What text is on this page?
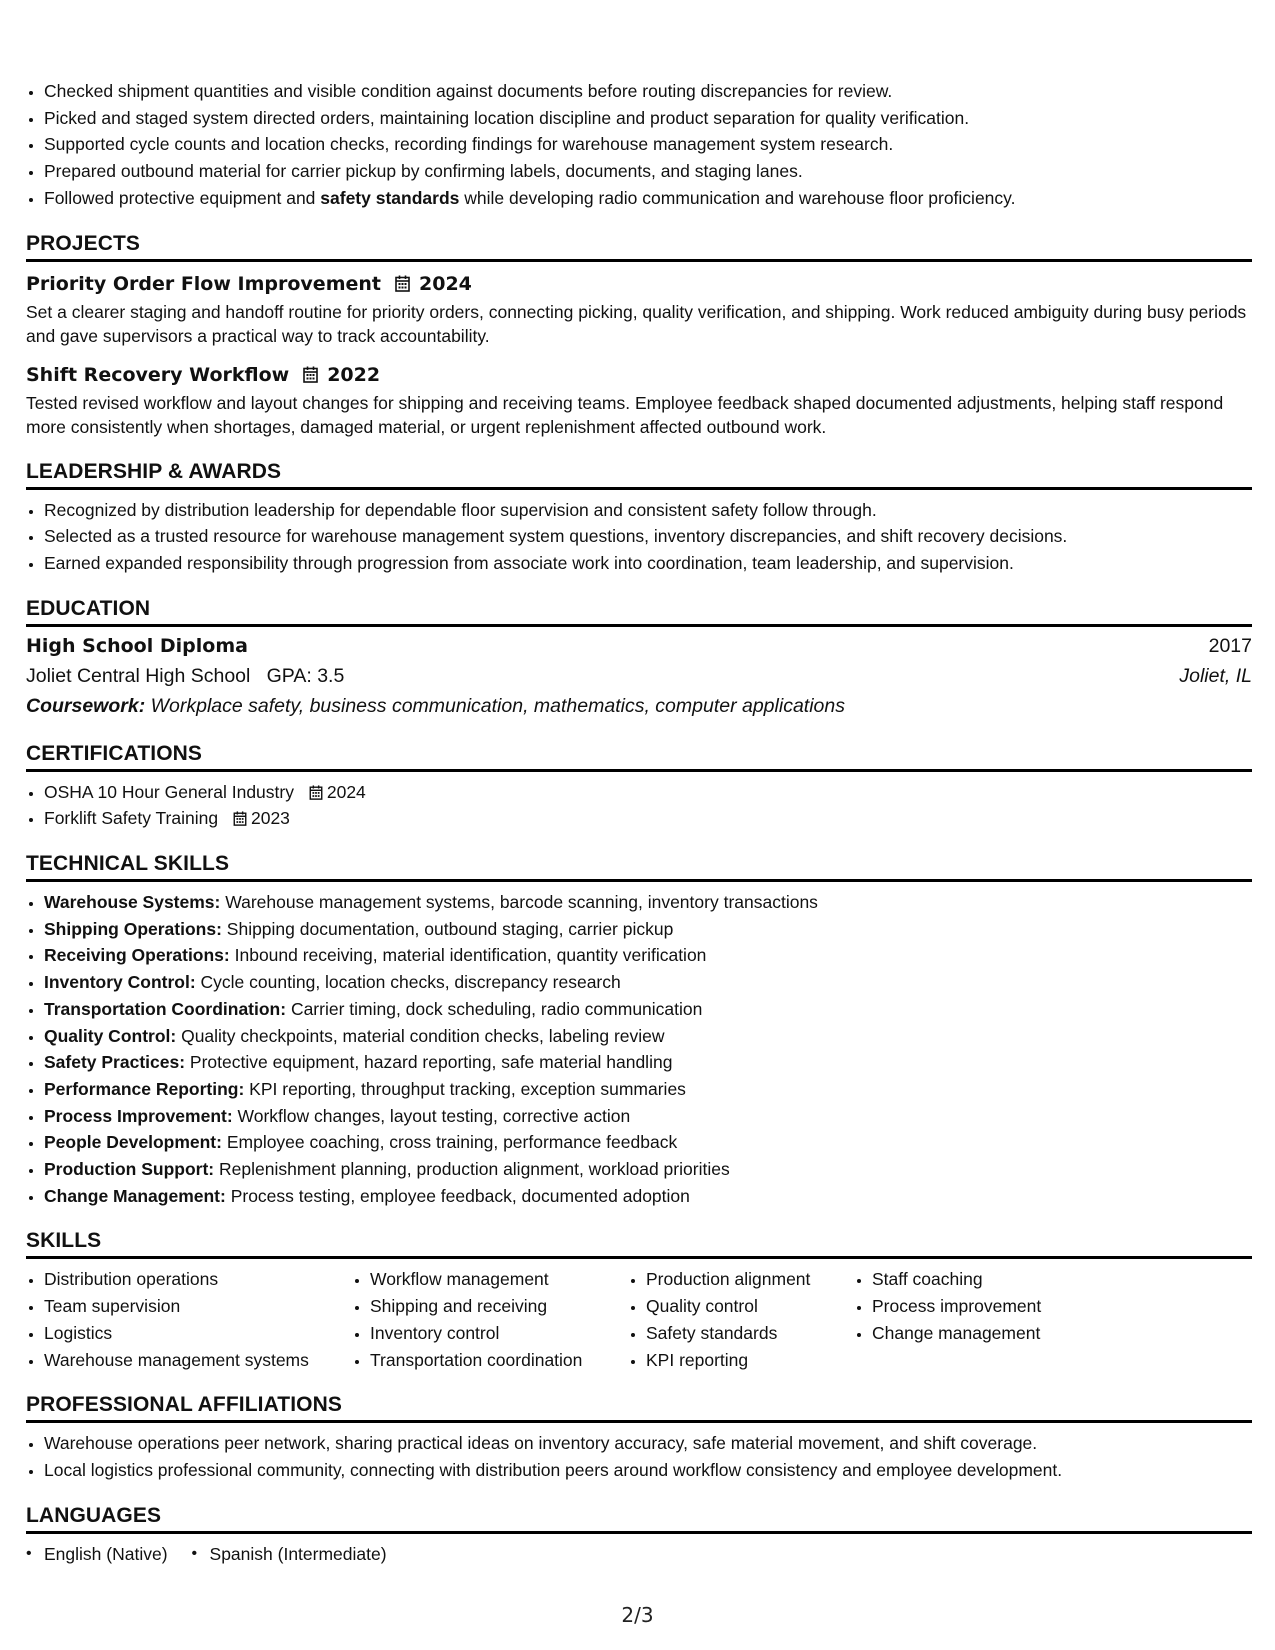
• Checked shipment quantities and visible condition against documents before routing discrepancies for review.
• Picked and staged system directed orders, maintaining location discipline and product separation for quality verification.
• Supported cycle counts and location checks, recording findings for warehouse management system research.
• Prepared outbound material for carrier pickup by confirming labels, documents, and staging lanes.
• Followed protective equipment and safety standards while developing radio communication and warehouse floor proficiency.
PROJECTS
Priority Order Flow Improvement 2024
Set a clearer staging and handoff routine for priority orders, connecting picking, quality verification, and shipping. Work reduced ambiguity during busy periods and gave supervisors a practical way to track accountability.
Shift Recovery Workflow 2022
Tested revised workflow and layout changes for shipping and receiving teams. Employee feedback shaped documented adjustments, helping staff respond more consistently when shortages, damaged material, or urgent replenishment affected outbound work.
LEADERSHIP & AWARDS
• Recognized by distribution leadership for dependable floor supervision and consistent safety follow through.
• Selected as a trusted resource for warehouse management system questions, inventory discrepancies, and shift recovery decisions.
• Earned expanded responsibility through progression from associate work into coordination, team leadership, and supervision.
EDUCATION
High School Diploma	2017
Joliet Central High School GPA: 3.5	Joliet, IL
Coursework: Workplace safety, business communication, mathematics, computer applications
CERTIFICATIONS
• OSHA 10 Hour General Industry 2024
• Forklift Safety Training 2023
TECHNICAL SKILLS
• Warehouse Systems: Warehouse management systems, barcode scanning, inventory transactions
• Shipping Operations: Shipping documentation, outbound staging, carrier pickup
• Receiving Operations: Inbound receiving, material identification, quantity verification
• Inventory Control: Cycle counting, location checks, discrepancy research
• Transportation Coordination: Carrier timing, dock scheduling, radio communication
• Quality Control: Quality checkpoints, material condition checks, labeling review
• Safety Practices: Protective equipment, hazard reporting, safe material handling
• Performance Reporting: KPI reporting, throughput tracking, exception summaries
• Process Improvement: Workflow changes, layout testing, corrective action
• People Development: Employee coaching, cross training, performance feedback
• Production Support: Replenishment planning, production alignment, workload priorities
• Change Management: Process testing, employee feedback, documented adoption
SKILLS
• Distribution operations
• Team supervision
• Logistics
• Warehouse management systems
• Workflow management
• Shipping and receiving
• Inventory control
• Transportation coordination
• Production alignment
• Quality control
• Safety standards
• KPI reporting
• Staff coaching
• Process improvement
• Change management
PROFESSIONAL AFFILIATIONS
• Warehouse operations peer network, sharing practical ideas on inventory accuracy, safe material movement, and shift coverage.
• Local logistics professional community, connecting with distribution peers around workflow consistency and employee development.
LANGUAGES
• English (Native)
•	Spanish (Intermediate)
2/3
